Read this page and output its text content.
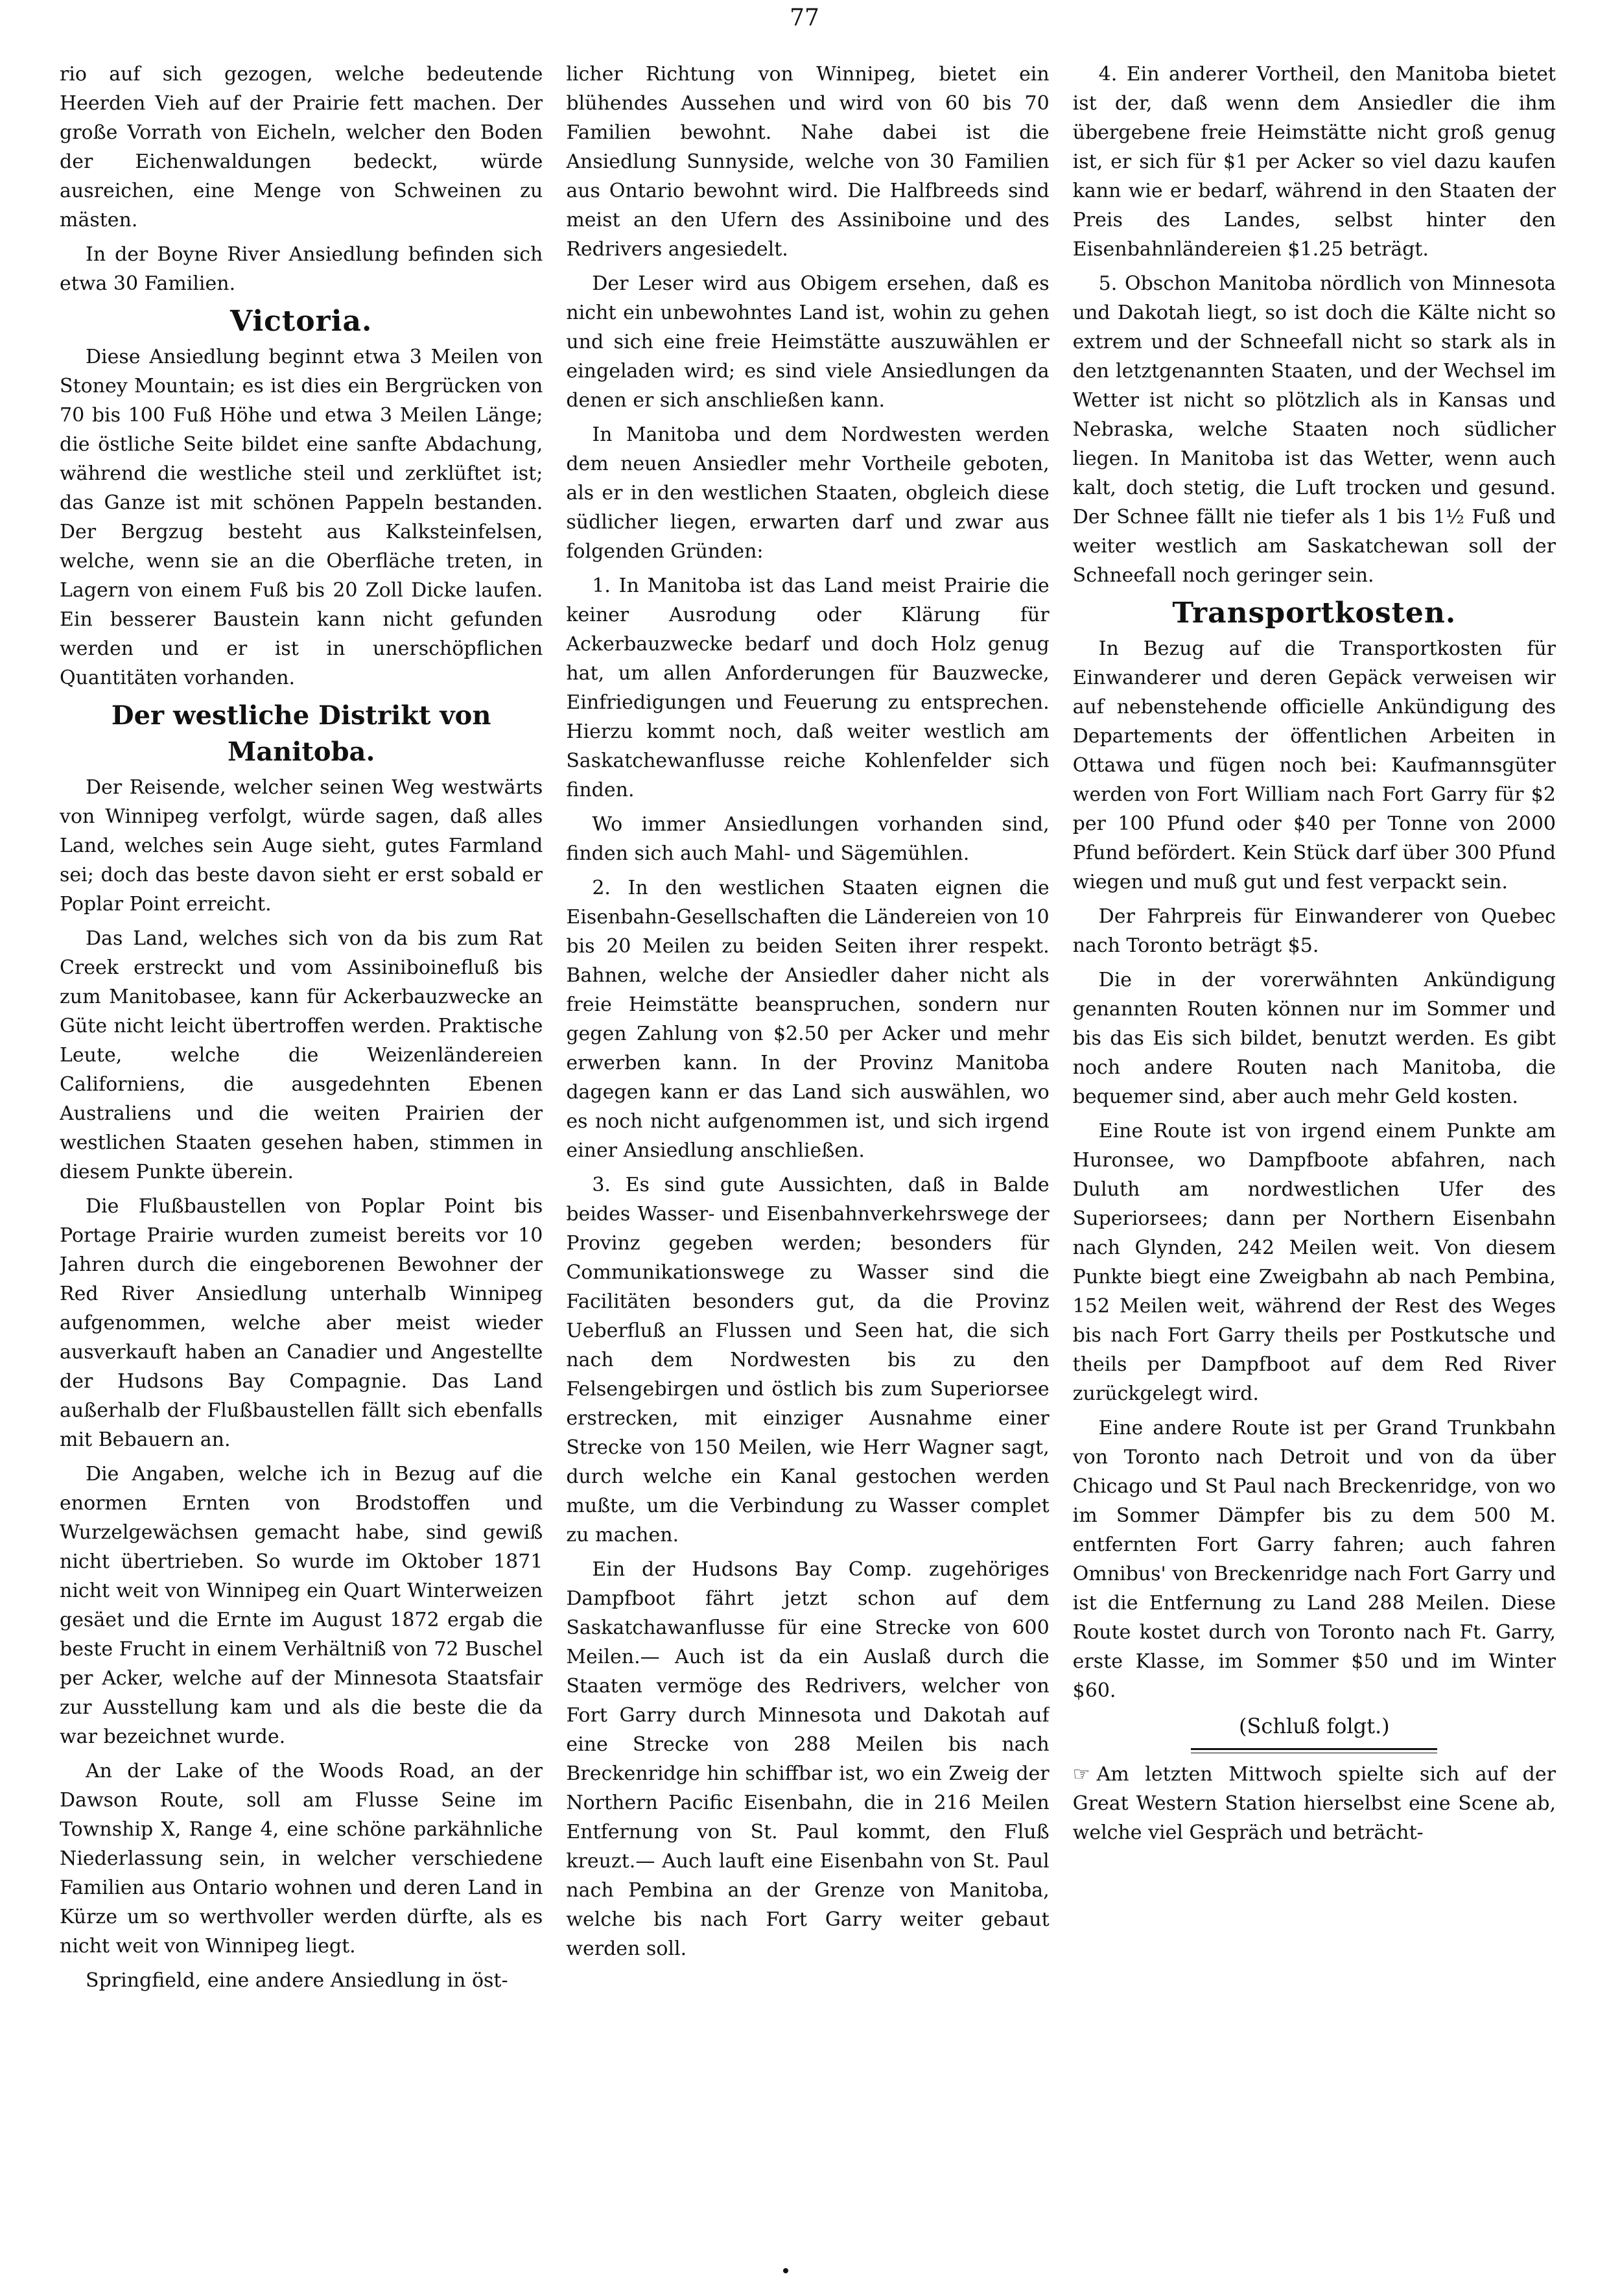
77

rio auf sich gezogen, welche bedeutende Heerden Vieh auf der Prairie fett machen. Der große Vorrath von Eicheln, welcher den Boden der Eichenwaldungen bedeckt, würde ausreichen, eine Menge von Schweinen zu mästen.

In der Boyne River Ansiedlung befinden sich etwa 30 Familien.

Victoria.

Diese Ansiedlung beginnt etwa 3 Meilen von Stoney Mountain; es ist dies ein Bergrücken von 70 bis 100 Fuß Höhe und etwa 3 Meilen Länge; die östliche Seite bildet eine sanfte Abdachung, während die westliche steil und zerklüftet ist; das Ganze ist mit schönen Pappeln bestanden. Der Bergzug besteht aus Kalksteinfelsen, welche, wenn sie an die Oberfläche treten, in Lagern von einem Fuß bis 20 Zoll Dicke laufen. Ein besserer Baustein kann nicht gefunden werden und er ist in unerschöpflichen Quantitäten vorhanden.

Der westliche Distrikt von Manitoba.

Der Reisende, welcher seinen Weg westwärts von Winnipeg verfolgt, würde sagen, daß alles Land, welches sein Auge sieht, gutes Farmland sei; doch das beste davon sieht er erst sobald er Poplar Point erreicht.

Das Land, welches sich von da bis zum Rat Creek erstreckt und vom Assiniboinefluß bis zum Manitobasee, kann für Ackerbauzwecke an Güte nicht leicht übertroffen werden. Praktische Leute, welche die Weizenländereien Californiens, die ausgedehnten Ebenen Australiens und die weiten Prairien der westlichen Staaten gesehen haben, stimmen in diesem Punkte überein.

Die Flußbaustellen von Poplar Point bis Portage Prairie wurden zumeist bereits vor 10 Jahren durch die eingeborenen Bewohner der Red River Ansiedlung unterhalb Winnipeg aufgenommen, welche aber meist wieder ausverkauft haben an Canadier und Angestellte der Hudsons Bay Compagnie. Das Land außerhalb der Flußbaustellen fällt sich ebenfalls mit Bebauern an.

Die Angaben, welche ich in Bezug auf die enormen Ernten von Brodstoffen und Wurzelgewächsen gemacht habe, sind gewiß nicht übertrieben. So wurde im Oktober 1871 nicht weit von Winnipeg ein Quart Winterweizen gesäet und die Ernte im August 1872 ergab die beste Frucht in einem Verhältniß von 72 Buschel per Acker, welche auf der Minnesota Staatsfair zur Ausstellung kam und als die beste die da war bezeichnet wurde.

An der Lake of the Woods Road, an der Dawson Route, soll am Flusse Seine im Township X, Range 4, eine schöne parkähnliche Niederlassung sein, in welcher verschiedene Familien aus Ontario wohnen und deren Land in Kürze um so werthvoller werden dürfte, als es nicht weit von Winnipeg liegt.

Springfield, eine andere Ansiedlung in öst-

licher Richtung von Winnipeg, bietet ein blühendes Aussehen und wird von 60 bis 70 Familien bewohnt. Nahe dabei ist die Ansiedlung Sunnyside, welche von 30 Familien aus Ontario bewohnt wird. Die Halfbreeds sind meist an den Ufern des Assiniboine und des Redrivers angesiedelt.

Der Leser wird aus Obigem ersehen, daß es nicht ein unbewohntes Land ist, wohin zu gehen und sich eine freie Heimstätte auszuwählen er eingeladen wird; es sind viele Ansiedlungen da denen er sich anschließen kann.

In Manitoba und dem Nordwesten werden dem neuen Ansiedler mehr Vortheile geboten, als er in den westlichen Staaten, obgleich diese südlicher liegen, erwarten darf und zwar aus folgenden Gründen:

1. In Manitoba ist das Land meist Prairie die keiner Ausrodung oder Klärung für Ackerbauzwecke bedarf und doch Holz genug hat, um allen Anforderungen für Bauzwecke, Einfriedigungen und Feuerung zu entsprechen. Hierzu kommt noch, daß weiter westlich am Saskatchewanflusse reiche Kohlenfelder sich finden.

Wo immer Ansiedlungen vorhanden sind, finden sich auch Mahl- und Sägemühlen.

2. In den westlichen Staaten eignen die Eisenbahn-Gesellschaften die Ländereien von 10 bis 20 Meilen zu beiden Seiten ihrer respekt. Bahnen, welche der Ansiedler daher nicht als freie Heimstätte beanspruchen, sondern nur gegen Zahlung von $2.50 per Acker und mehr erwerben kann. In der Provinz Manitoba dagegen kann er das Land sich auswählen, wo es noch nicht aufgenommen ist, und sich irgend einer Ansiedlung anschließen.

3. Es sind gute Aussichten, daß in Balde beides Wasser- und Eisenbahnverkehrswege der Provinz gegeben werden; besonders für Communikationswege zu Wasser sind die Facilitäten besonders gut, da die Provinz Ueberfluß an Flussen und Seen hat, die sich nach dem Nordwesten bis zu den Felsengebirgen und östlich bis zum Superiorsee erstrecken, mit einziger Ausnahme einer Strecke von 150 Meilen, wie Herr Wagner sagt, durch welche ein Kanal gestochen werden mußte, um die Verbindung zu Wasser complet zu machen.

Ein der Hudsons Bay Comp. zugehöriges Dampfboot fährt jetzt schon auf dem Saskatchawanflusse für eine Strecke von 600 Meilen.— Auch ist da ein Auslaß durch die Staaten vermöge des Redrivers, welcher von Fort Garry durch Minnesota und Dakotah auf eine Strecke von 288 Meilen bis nach Breckenridge hin schiffbar ist, wo ein Zweig der Northern Pacific Eisenbahn, die in 216 Meilen Entfernung von St. Paul kommt, den Fluß kreuzt.— Auch lauft eine Eisenbahn von St. Paul nach Pembina an der Grenze von Manitoba, welche bis nach Fort Garry weiter gebaut werden soll.

4. Ein anderer Vortheil, den Manitoba bietet ist der, daß wenn dem Ansiedler die ihm übergebene freie Heimstätte nicht groß genug ist, er sich für $1 per Acker so viel dazu kaufen kann wie er bedarf, während in den Staaten der Preis des Landes, selbst hinter den Eisenbahnländereien $1.25 beträgt.

5. Obschon Manitoba nördlich von Minnesota und Dakotah liegt, so ist doch die Kälte nicht so extrem und der Schneefall nicht so stark als in den letztgenannten Staaten, und der Wechsel im Wetter ist nicht so plötzlich als in Kansas und Nebraska, welche Staaten noch südlicher liegen. In Manitoba ist das Wetter, wenn auch kalt, doch stetig, die Luft trocken und gesund. Der Schnee fällt nie tiefer als 1 bis 1½ Fuß und weiter westlich am Saskatchewan soll der Schneefall noch geringer sein.

Transportkosten.

In Bezug auf die Transportkosten für Einwanderer und deren Gepäck verweisen wir auf nebenstehende officielle Ankündigung des Departements der öffentlichen Arbeiten in Ottawa und fügen noch bei: Kaufmannsgüter werden von Fort William nach Fort Garry für $2 per 100 Pfund oder $40 per Tonne von 2000 Pfund befördert. Kein Stück darf über 300 Pfund wiegen und muß gut und fest verpackt sein.

Der Fahrpreis für Einwanderer von Quebec nach Toronto beträgt $5.

Die in der vorerwähnten Ankündigung genannten Routen können nur im Sommer und bis das Eis sich bildet, benutzt werden. Es gibt noch andere Routen nach Manitoba, die bequemer sind, aber auch mehr Geld kosten.

Eine Route ist von irgend einem Punkte am Huronsee, wo Dampfboote abfahren, nach Duluth am nordwestlichen Ufer des Superiorsees; dann per Northern Eisenbahn nach Glynden, 242 Meilen weit. Von diesem Punkte biegt eine Zweigbahn ab nach Pembina, 152 Meilen weit, während der Rest des Weges bis nach Fort Garry theils per Postkutsche und theils per Dampfboot auf dem Red River zurückgelegt wird.

Eine andere Route ist per Grand Trunkbahn von Toronto nach Detroit und von da über Chicago und St Paul nach Breckenridge, von wo im Sommer Dämpfer bis zu dem 500 M. entfernten Fort Garry fahren; auch fahren Omnibus' von Breckenridge nach Fort Garry und ist die Entfernung zu Land 288 Meilen. Diese Route kostet durch von Toronto nach Ft. Garry, erste Klasse, im Sommer $50 und im Winter $60.

(Schluß folgt.)

☞ Am letzten Mittwoch spielte sich auf der Great Western Station hierselbst eine Scene ab, welche viel Gespräch und beträcht-
